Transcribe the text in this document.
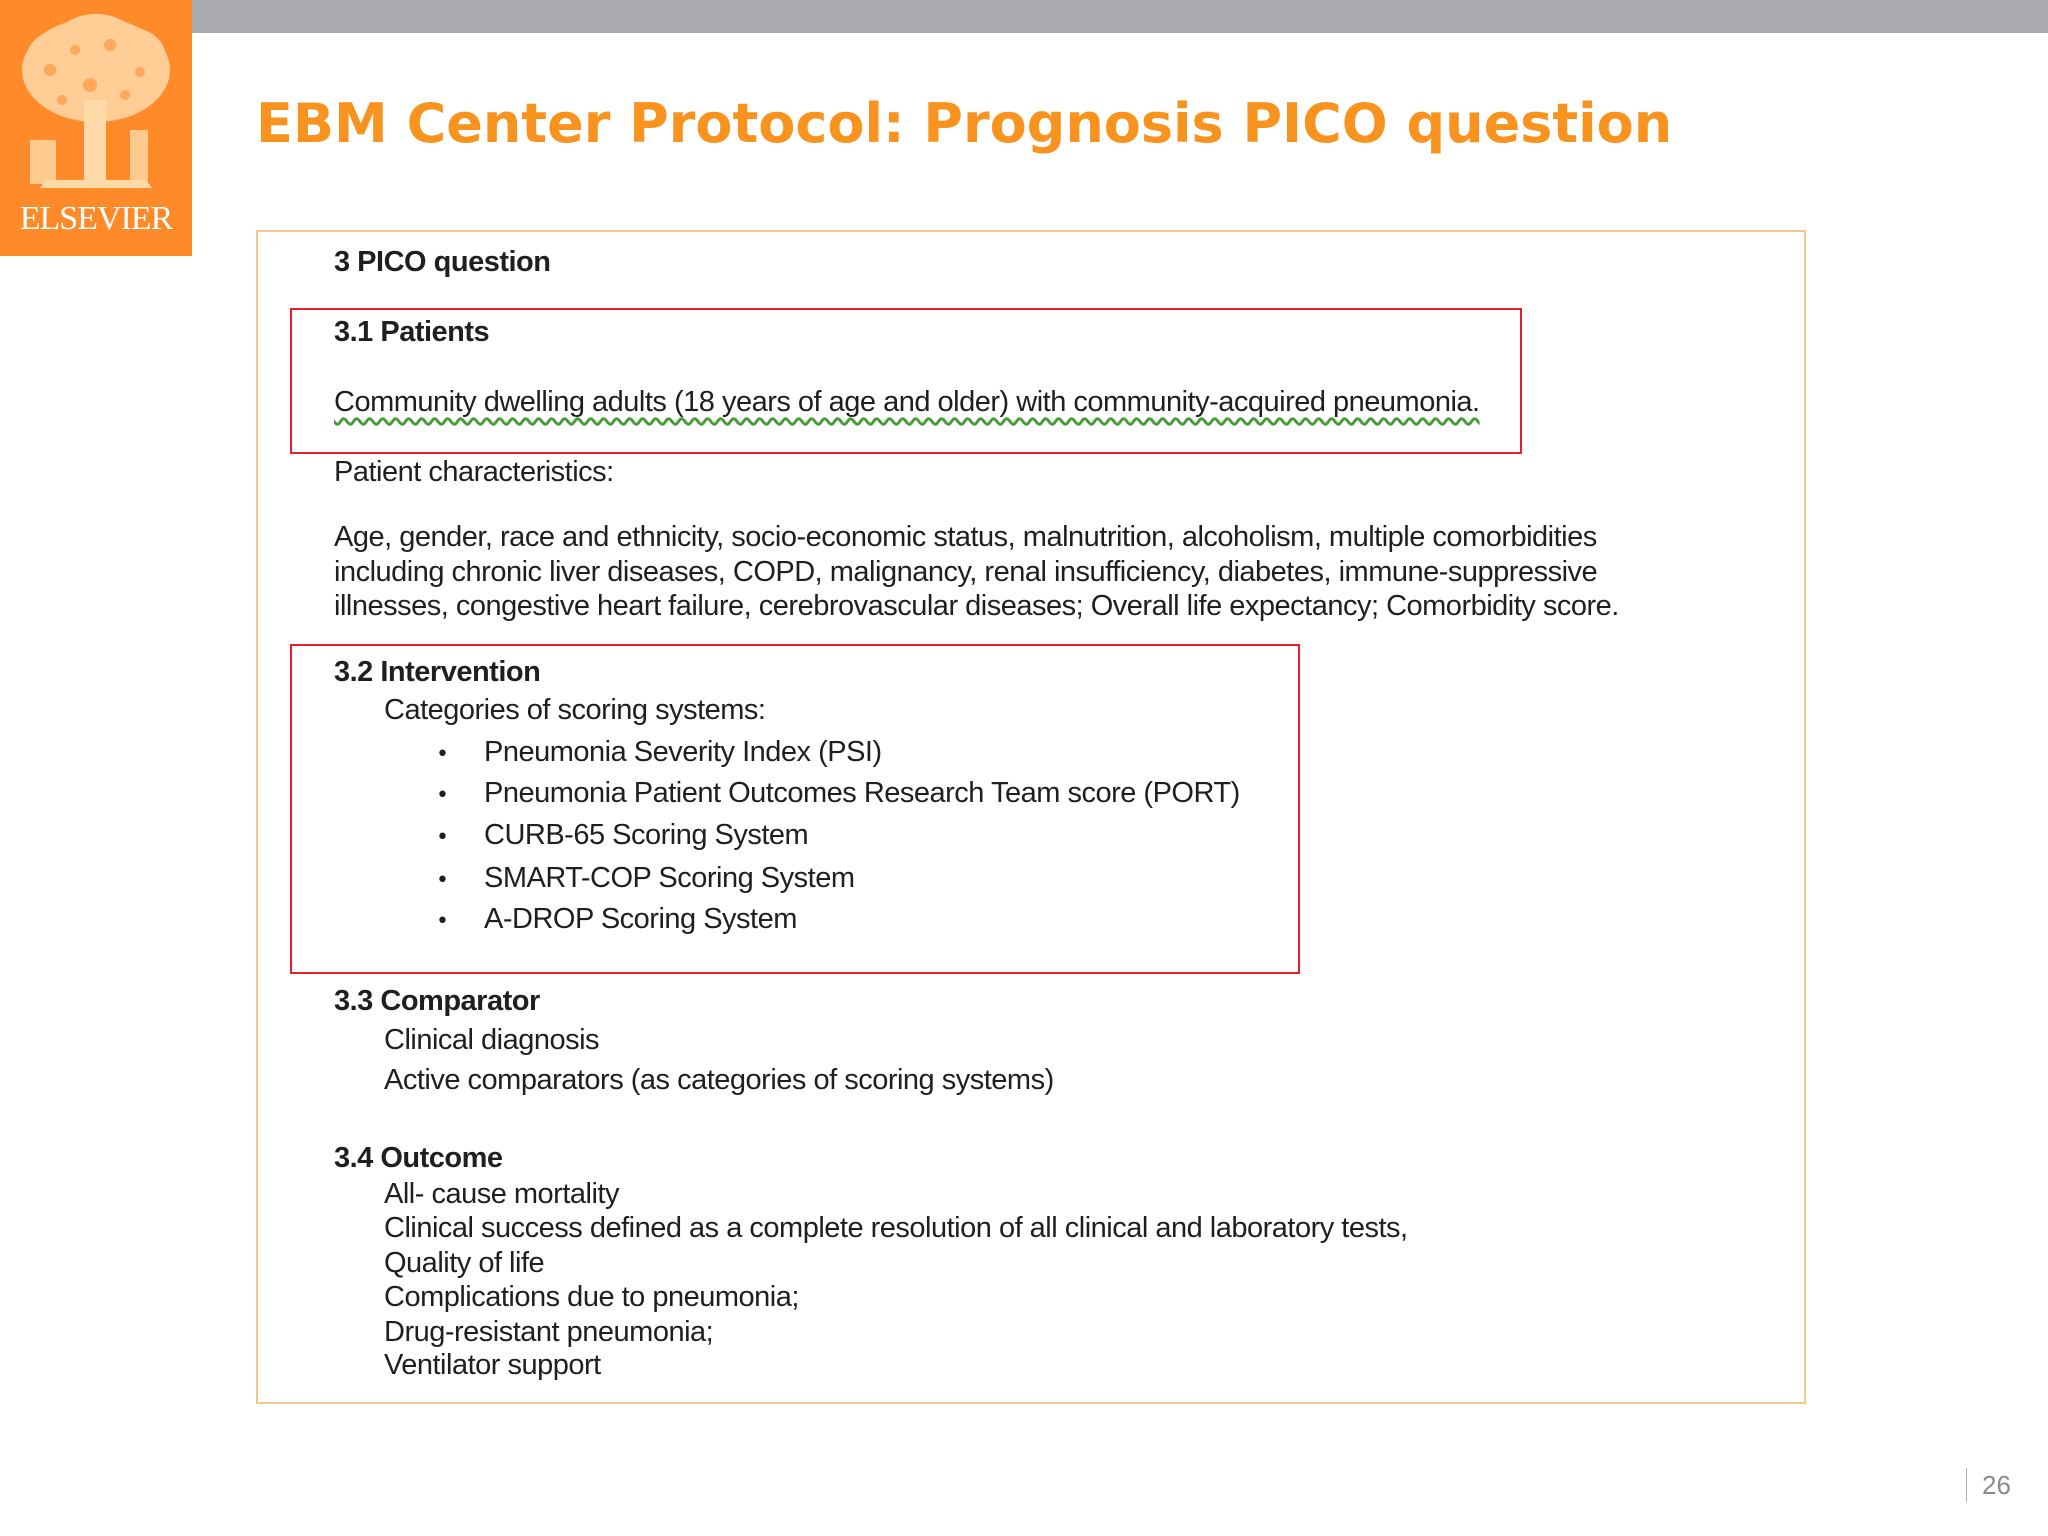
ELSEVIER
EBM Center Protocol: Prognosis PICO question
3 PICO question
3.1 Patients
Community dwelling adults (18 years of age and older) with community-acquired pneumonia.
Patient characteristics:
Age, gender, race and ethnicity, socio-economic status, malnutrition, alcoholism, multiple comorbidities
including chronic liver diseases, COPD, malignancy, renal insufficiency, diabetes, immune-suppressive
illnesses, congestive heart failure, cerebrovascular diseases; Overall life expectancy; Comorbidity score.
3.2 Intervention
Categories of scoring systems:
• Pneumonia Severity Index (PSI)
• Pneumonia Patient Outcomes Research Team score (PORT)
• CURB-65 Scoring System
• SMART-COP Scoring System
• A-DROP Scoring System
3.3 Comparator
Clinical diagnosis
Active comparators (as categories of scoring systems)
3.4 Outcome
All- cause mortality
Clinical success defined as a complete resolution of all clinical and laboratory tests,
Quality of life
Complications due to pneumonia;
Drug-resistant pneumonia;
Ventilator support
26
